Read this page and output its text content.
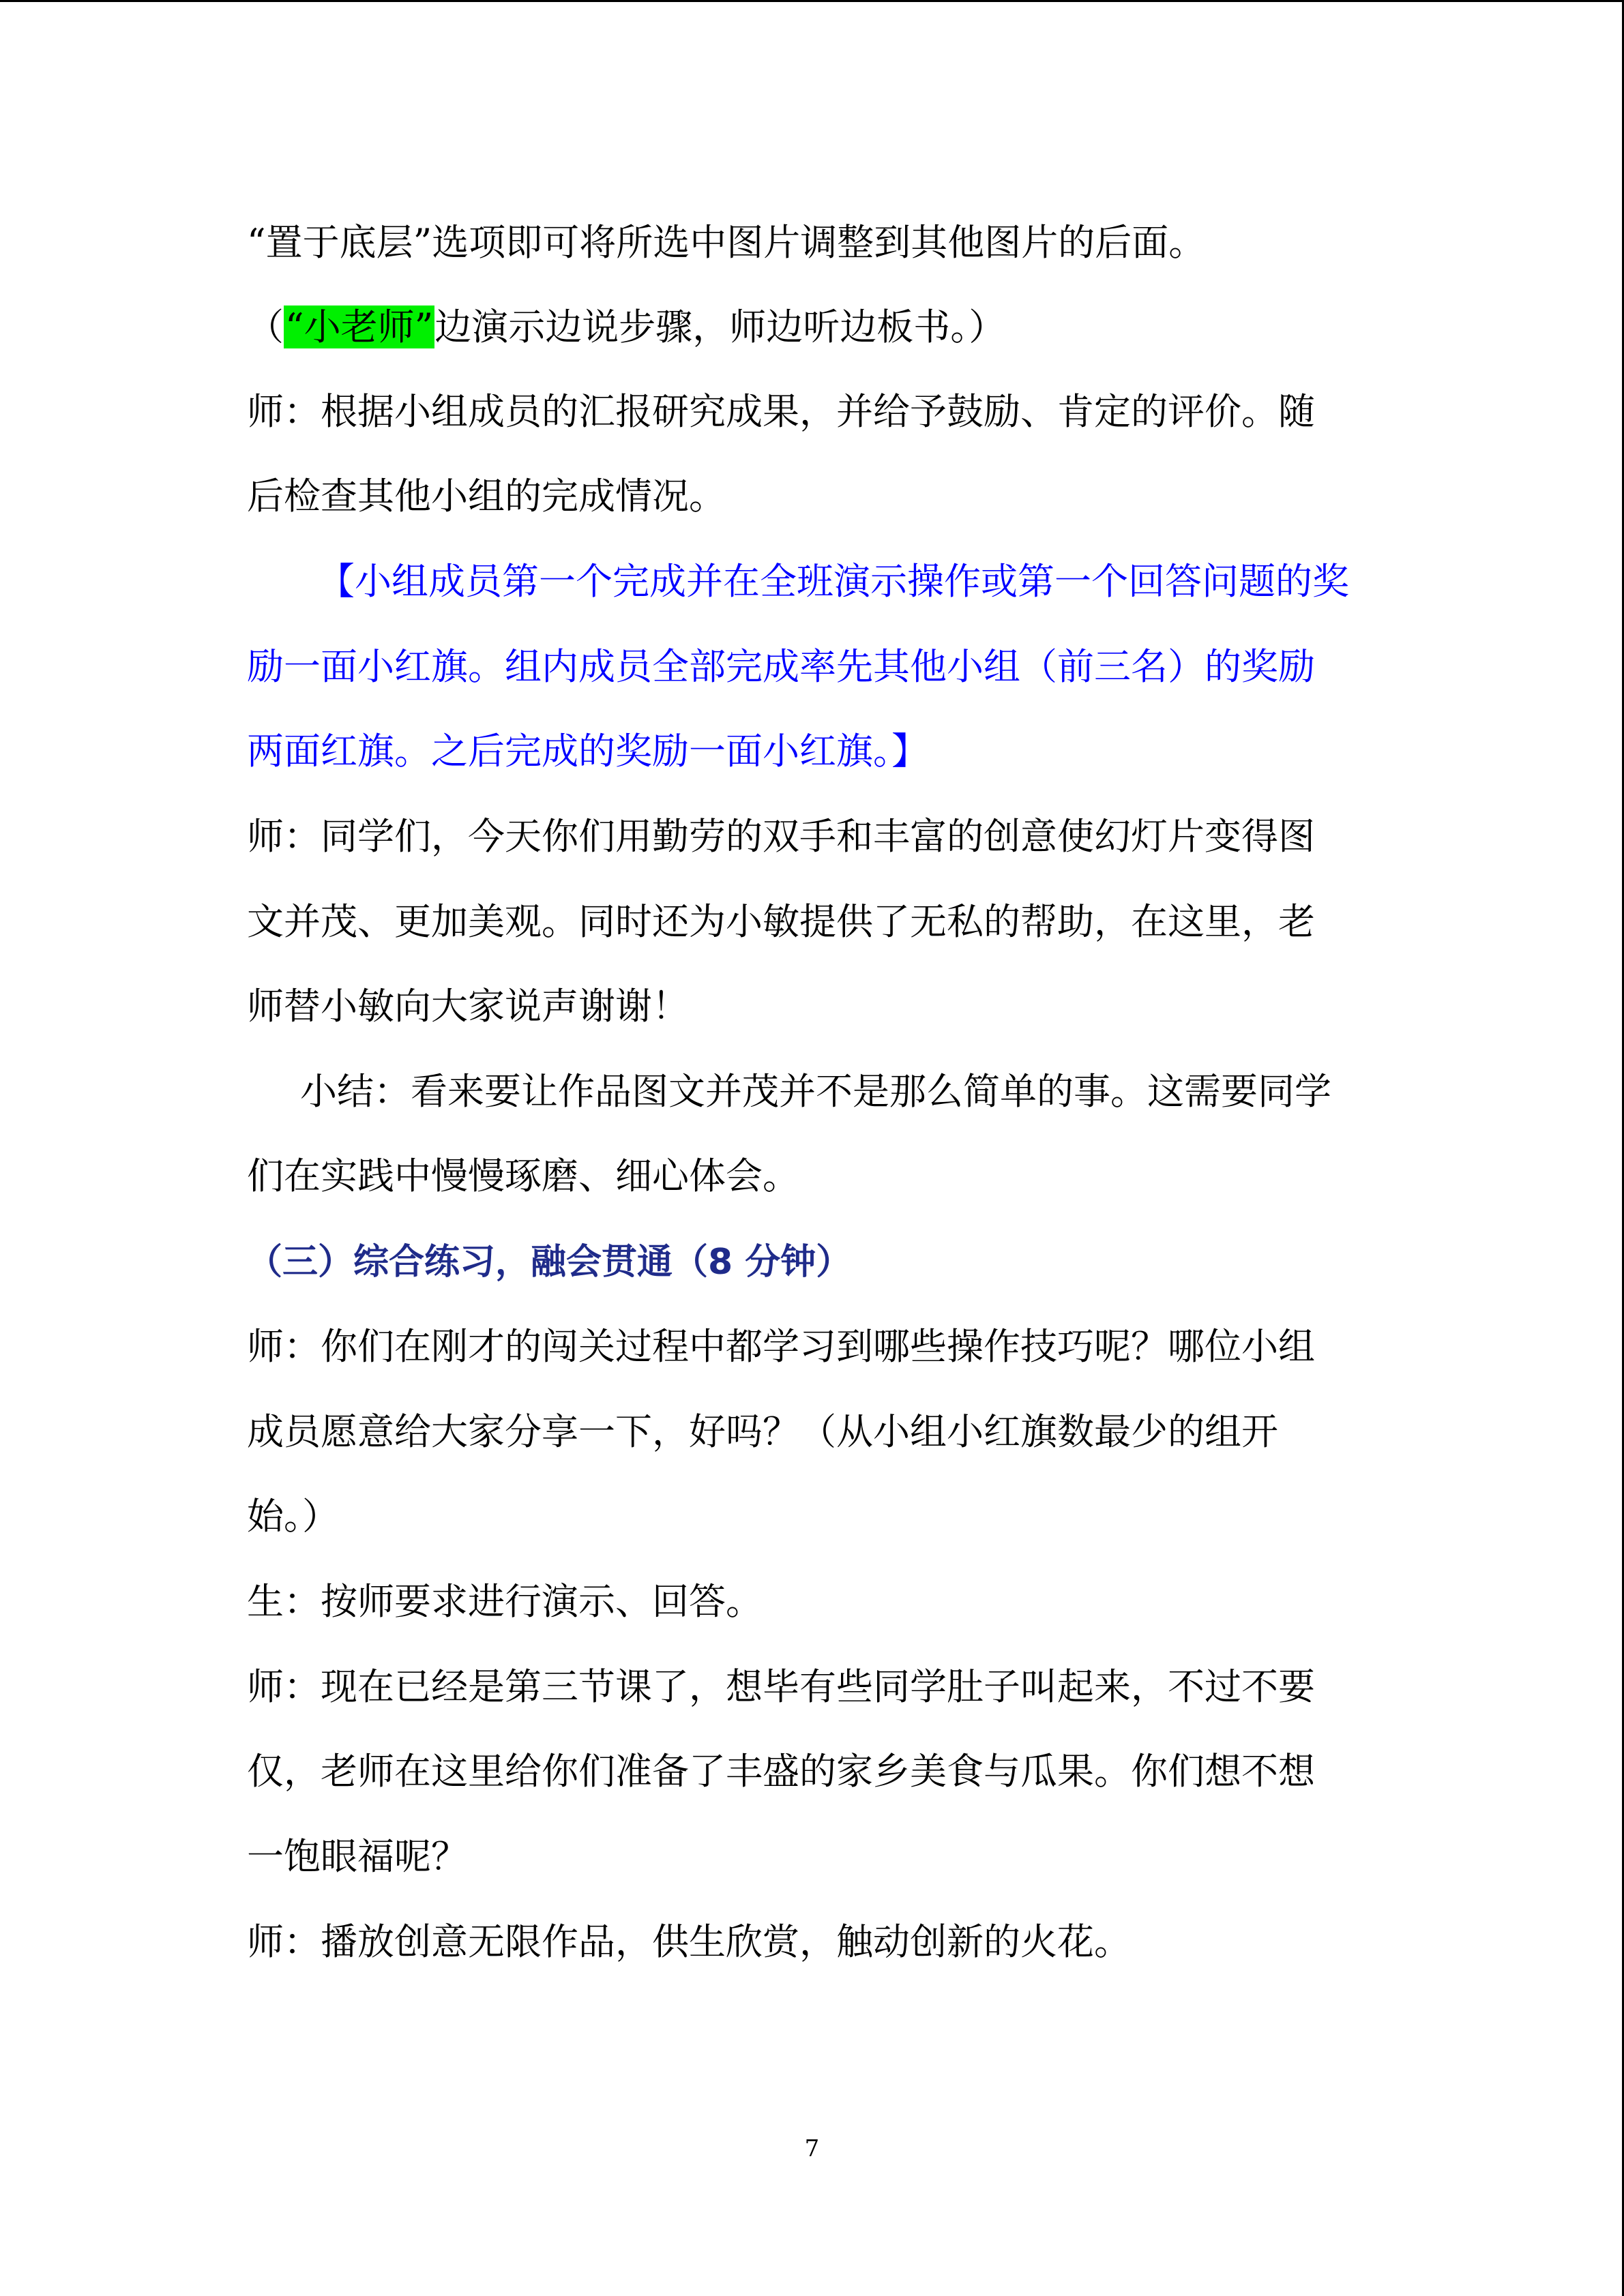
“置于底层”选项即可将所选中图片调整到其他图片的后面。
（“小老师”边演示边说步骤，师边听边板书。）
师：根据小组成员的汇报研究成果，并给予鼓励、肯定的评价。随
后检查其他小组的完成情况。
【小组成员第一个完成并在全班演示操作或第一个回答问题的奖
励一面小红旗。组内成员全部完成率先其他小组（前三名）的奖励
两面红旗。之后完成的奖励一面小红旗。】
师：同学们，今天你们用勤劳的双手和丰富的创意使幻灯片变得图
文并茂、更加美观。同时还为小敏提供了无私的帮助，在这里，老
师替小敏向大家说声谢谢！
小结：看来要让作品图文并茂并不是那么简单的事。这需要同学
们在实践中慢慢琢磨、细心体会。
（三）综合练习，融会贯通（8 分钟）
师：你们在刚才的闯关过程中都学习到哪些操作技巧呢？哪位小组
成员愿意给大家分享一下，好吗？（从小组小红旗数最少的组开
始。）
生：按师要求进行演示、回答。
师：现在已经是第三节课了，想毕有些同学肚子叫起来，不过不要
仅，老师在这里给你们准备了丰盛的家乡美食与瓜果。你们想不想
一饱眼福呢？
师：播放创意无限作品，供生欣赏，触动创新的火花。
7
